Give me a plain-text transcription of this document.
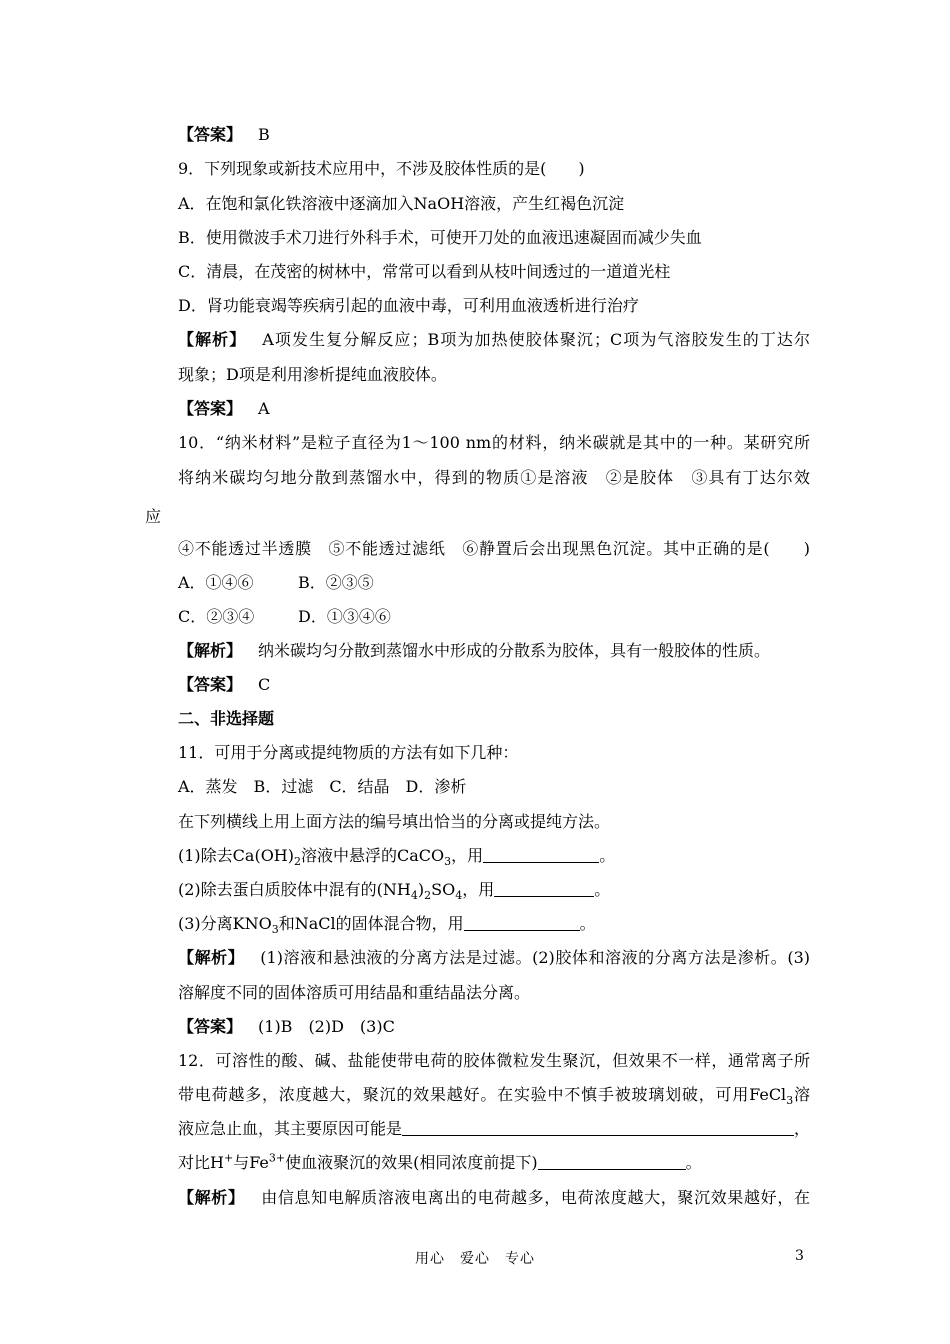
【答案】 B
9．下列现象或新技术应用中，不涉及胶体性质的是(　　)
A．在饱和氯化铁溶液中逐滴加入NaOH溶液，产生红褐色沉淀
B．使用微波手术刀进行外科手术，可使开刀处的血液迅速凝固而减少失血
C．清晨，在茂密的树林中，常常可以看到从枝叶间透过的一道道光柱
D．肾功能衰竭等疾病引起的血液中毒，可利用血液透析进行治疗
【解析】 A项发生复分解反应；B项为加热使胶体聚沉；C项为气溶胶发生的丁达尔
现象；D项是利用渗析提纯血液胶体。
【答案】 A
10．“纳米材料”是粒子直径为1～100 nm的材料，纳米碳就是其中的一种。某研究所
将纳米碳均匀地分散到蒸馏水中，得到的物质①是溶液　②是胶体　③具有丁达尔效
应
④不能透过半透膜　⑤不能透过滤纸　⑥静置后会出现黑色沉淀。其中正确的是(　　)
A．①④⑥	B．②③⑤
C．②③④	D．①③④⑥
【解析】 纳米碳均匀分散到蒸馏水中形成的分散系为胶体，具有一般胶体的性质。
【答案】 C
二、非选择题
11．可用于分离或提纯物质的方法有如下几种：
A．蒸发　B．过滤　C．结晶　D．渗析
在下列横线上用上面方法的编号填出恰当的分离或提纯方法。
(1)除去$Ca(OH)_2$溶液中悬浮的CaCO$_3$，用	。
(2)除去蛋白质胶体中混有的$(NH_4)_2SO_4$，用	。
(3)分离$KNO_3$和NaCl的固体混合物，用	。
【解析】 (1)溶液和悬浊液的分离方法是过滤。(2)胶体和溶液的分离方法是渗析。(3)
溶解度不同的固体溶质可用结晶和重结晶法分离。
【答案】 (1)B　(2)D　(3)C
12．可溶性的酸、碱、盐能使带电荷的胶体微粒发生聚沉，但效果不一样，通常离子所
带电荷越多，浓度越大，聚沉的效果越好。在实验中不慎手被玻璃划破，可用FeCl$_3$溶
液应急止血，其主要原因可能是	，
对比H+与$Fe^{3+}$使血液聚沉的效果(相同浓度前提下)	。
【解析】 由信息知电解质溶液电离出的电荷越多，电荷浓度越大，聚沉效果越好，在
用心　爱心　专心	3
